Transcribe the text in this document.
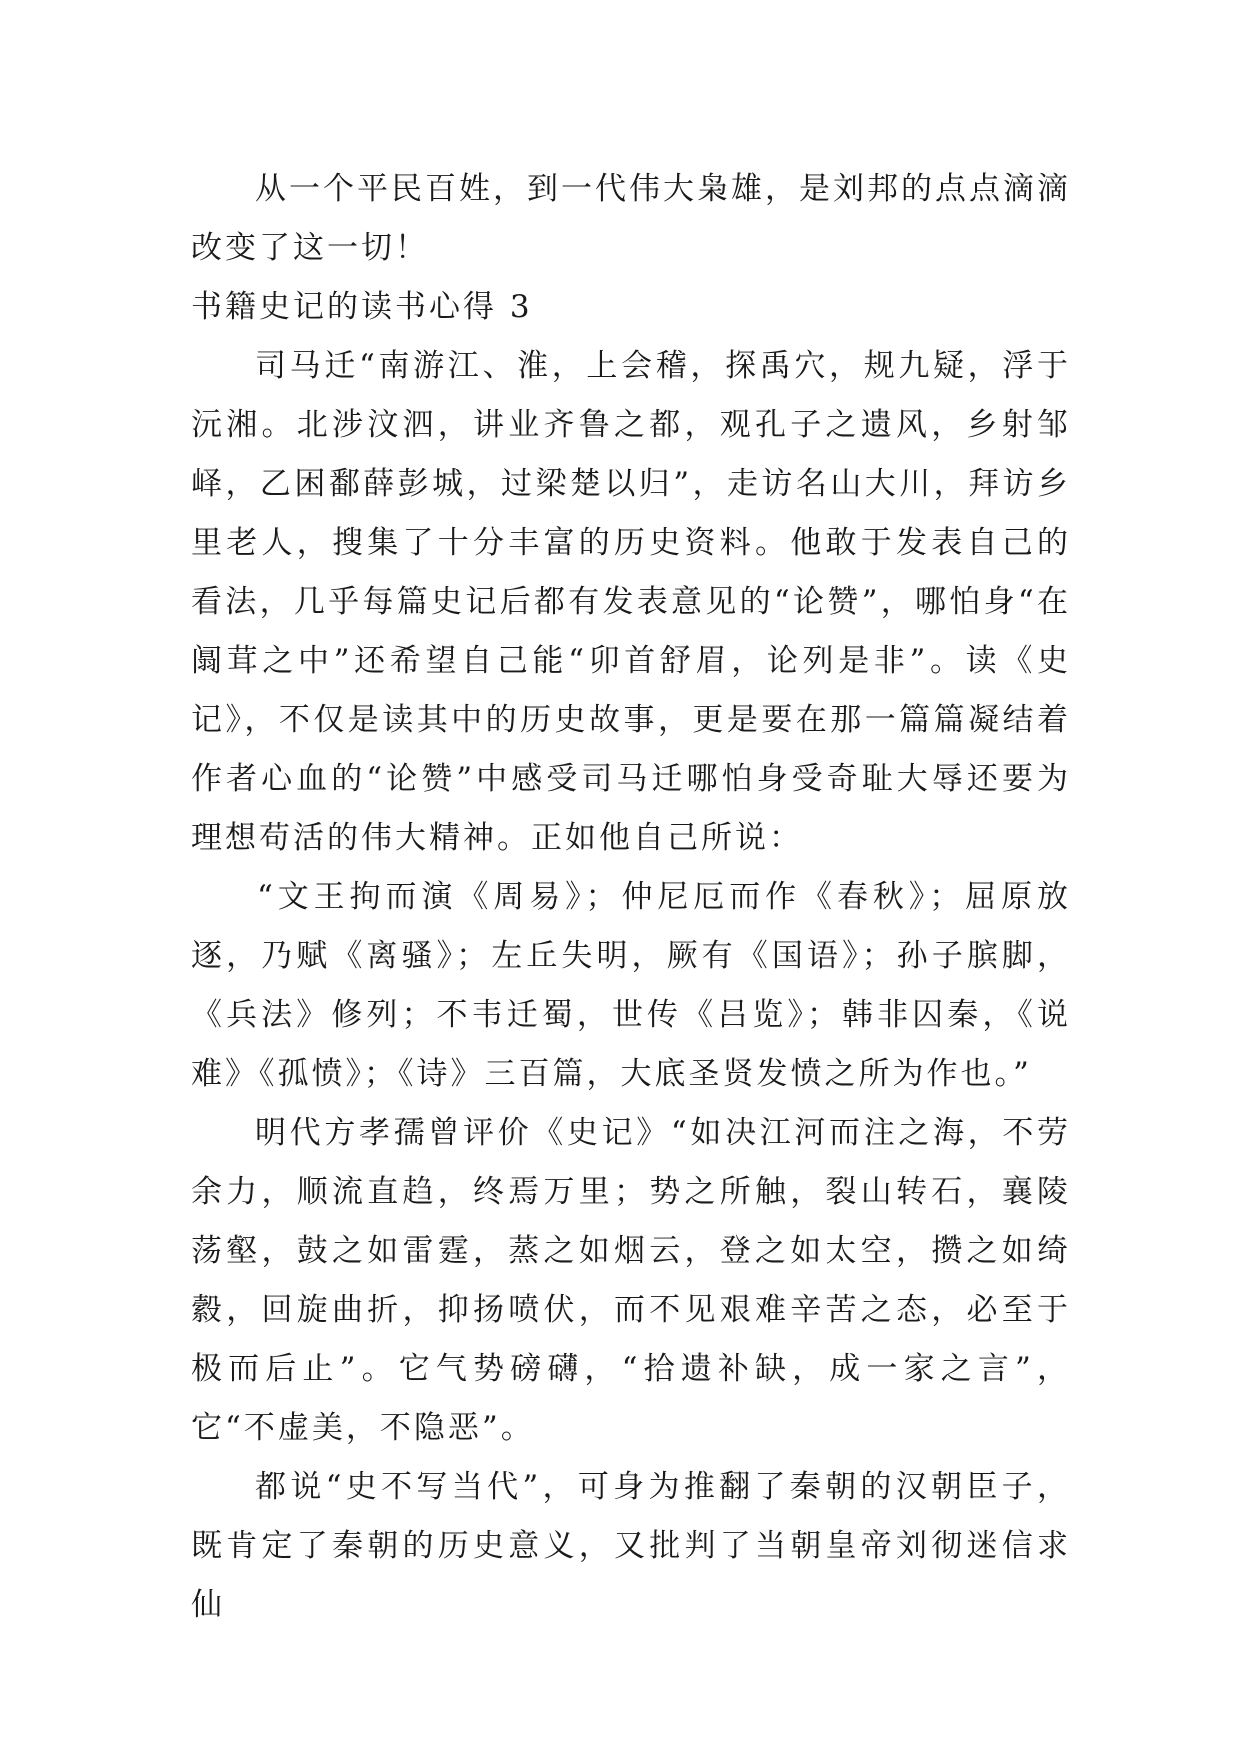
从一个平民百姓，到一代伟大枭雄，是刘邦的点点滴滴改变了这一切！

书籍史记的读书心得 3

司马迁“南游江、淮，上会稽，探禹穴，规九疑，浮于沅湘。北涉汶泗，讲业齐鲁之都，观孔子之遗风，乡射邹峄，乙困鄱薛彭城，过梁楚以归”，走访名山大川，拜访乡里老人，搜集了十分丰富的历史资料。他敢于发表自己的看法，几乎每篇史记后都有发表意见的“论赞”，哪怕身“在阘茸之中”还希望自己能“卯首舒眉，论列是非”。读《史记》，不仅是读其中的历史故事，更是要在那一篇篇凝结着作者心血的“论赞”中感受司马迁哪怕身受奇耻大辱还要为理想苟活的伟大精神。正如他自己所说：

“文王拘而演《周易》；仲尼厄而作《春秋》；屈原放逐，乃赋《离骚》；左丘失明，厥有《国语》；孙子膑脚，《兵法》修列；不韦迁蜀，世传《吕览》；韩非囚秦，《说难》《孤愤》；《诗》三百篇，大底圣贤发愤之所为作也。”

明代方孝孺曾评价《史记》“如决江河而注之海，不劳余力，顺流直趋，终焉万里；势之所触，裂山转石，襄陵荡壑，鼓之如雷霆，蒸之如烟云，登之如太空，攒之如绮縠，回旋曲折，抑扬喷伏，而不见艰难辛苦之态，必至于极而后止”。它气势磅礴，“拾遗补缺，成一家之言”，它“不虚美，不隐恶”。

都说“史不写当代”，可身为推翻了秦朝的汉朝臣子，既肯定了秦朝的历史意义，又批判了当朝皇帝刘彻迷信求仙
